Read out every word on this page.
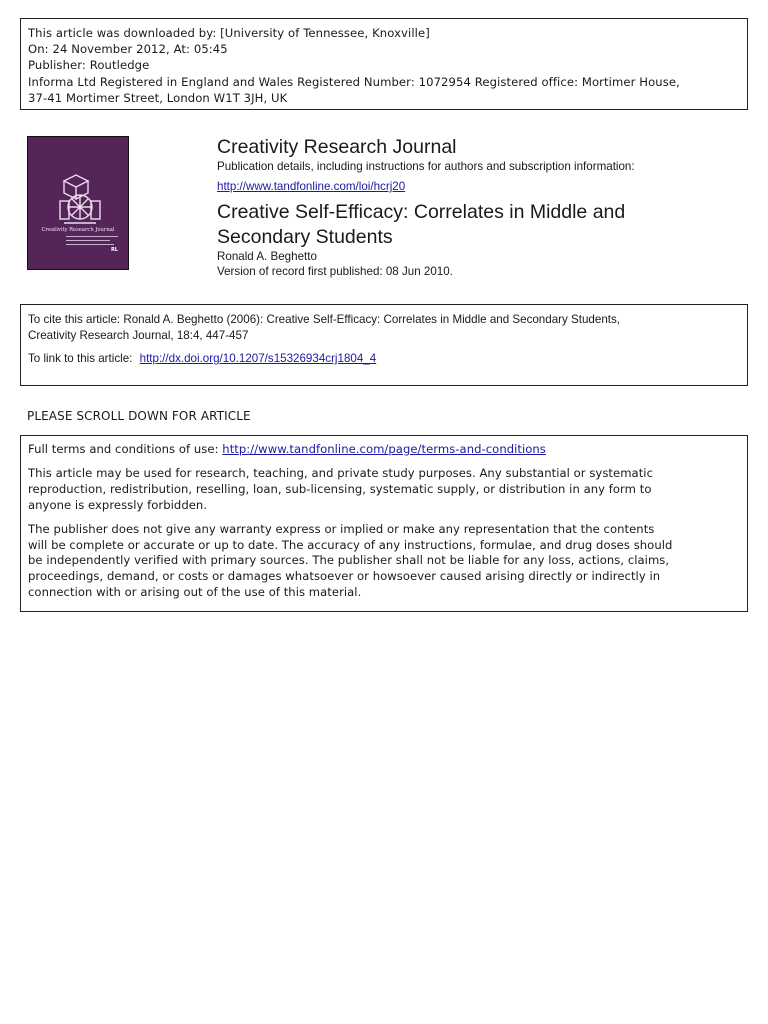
This article was downloaded by: [University of Tennessee, Knoxville]
On: 24 November 2012, At: 05:45
Publisher: Routledge
Informa Ltd Registered in England and Wales Registered Number: 1072954 Registered office: Mortimer House,
37-41 Mortimer Street, London W1T 3JH, UK
Creativity Research Journal
RL
Creativity Research Journal
Publication details, including instructions for authors and subscription information:
http://www.tandfonline.com/loi/hcrj20
Creative Self-Efficacy: Correlates in Middle and
Secondary Students
Ronald A. Beghetto
Version of record first published: 08 Jun 2010.
To cite this article: Ronald A. Beghetto (2006): Creative Self-Efficacy: Correlates in Middle and Secondary Students,
Creativity Research Journal, 18:4, 447-457
To link to this article: http://dx.doi.org/10.1207/s15326934crj1804_4
PLEASE SCROLL DOWN FOR ARTICLE

Full terms and conditions of use: http://www.tandfonline.com/page/terms-and-conditions

This article may be used for research, teaching, and private study purposes. Any substantial or systematic
reproduction, redistribution, reselling, loan, sub-licensing, systematic supply, or distribution in any form to
anyone is expressly forbidden.

The publisher does not give any warranty express or implied or make any representation that the contents
will be complete or accurate or up to date. The accuracy of any instructions, formulae, and drug doses should
be independently verified with primary sources. The publisher shall not be liable for any loss, actions, claims,
proceedings, demand, or costs or damages whatsoever or howsoever caused arising directly or indirectly in
connection with or arising out of the use of this material.
